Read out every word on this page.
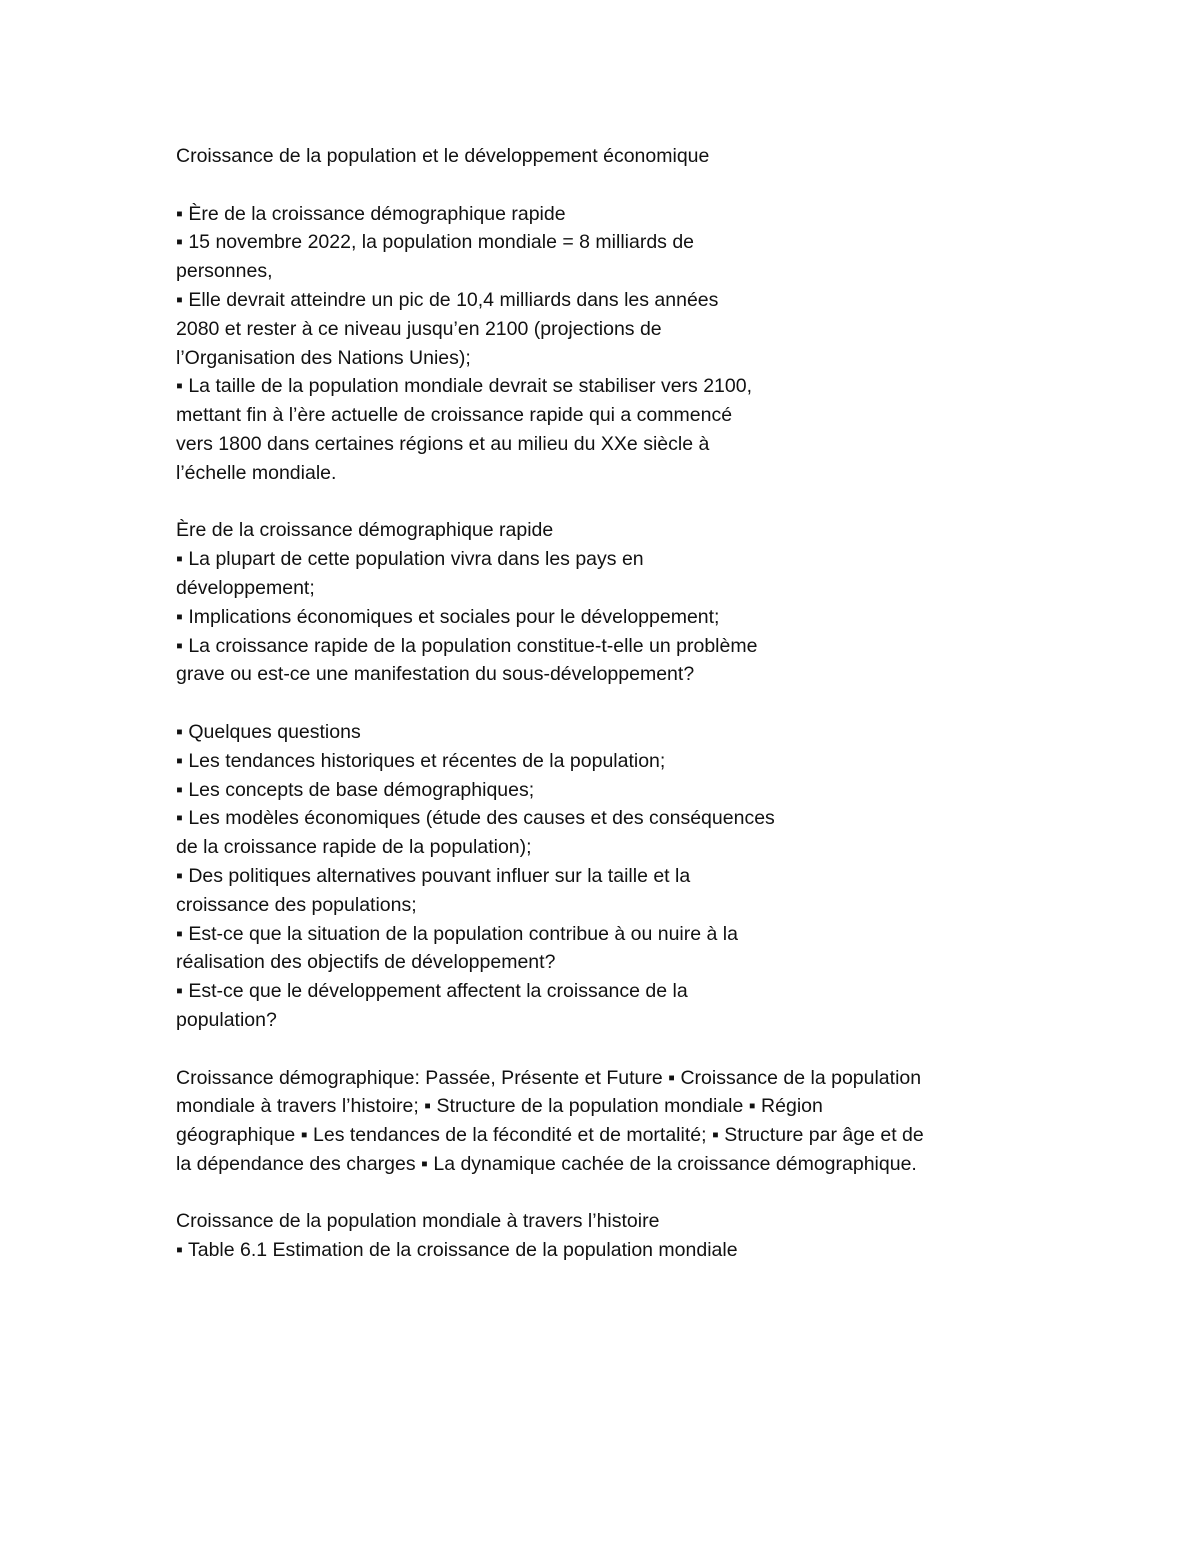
Croissance de la population et le développement économique
▪ Ère de la croissance démographique rapide
▪ 15 novembre 2022, la population mondiale = 8 milliards de
personnes,
▪ Elle devrait atteindre un pic de 10,4 milliards dans les années
2080 et rester à ce niveau jusqu’en 2100 (projections de
l’Organisation des Nations Unies);
▪ La taille de la population mondiale devrait se stabiliser vers 2100,
mettant fin à l’ère actuelle de croissance rapide qui a commencé
vers 1800 dans certaines régions et au milieu du XXe siècle à
l’échelle mondiale.
Ère de la croissance démographique rapide
▪ La plupart de cette population vivra dans les pays en
développement;
▪ Implications économiques et sociales pour le développement;
▪ La croissance rapide de la population constitue-t-elle un problème
grave ou est-ce une manifestation du sous-développement?
▪ Quelques questions
▪ Les tendances historiques et récentes de la population;
▪ Les concepts de base démographiques;
▪ Les modèles économiques (étude des causes et des conséquences
de la croissance rapide de la population);
▪ Des politiques alternatives pouvant influer sur la taille et la
croissance des populations;
▪ Est-ce que la situation de la population contribue à ou nuire à la
réalisation des objectifs de développement?
▪ Est-ce que le développement affectent la croissance de la
population?
Croissance démographique: Passée, Présente et Future ▪ Croissance de la population
mondiale à travers l’histoire; ▪ Structure de la population mondiale ▪ Région
géographique ▪ Les tendances de la fécondité et de mortalité; ▪ Structure par âge et de
la dépendance des charges ▪ La dynamique cachée de la croissance démographique.
Croissance de la population mondiale à travers l’histoire
▪ Table 6.1 Estimation de la croissance de la population mondiale
